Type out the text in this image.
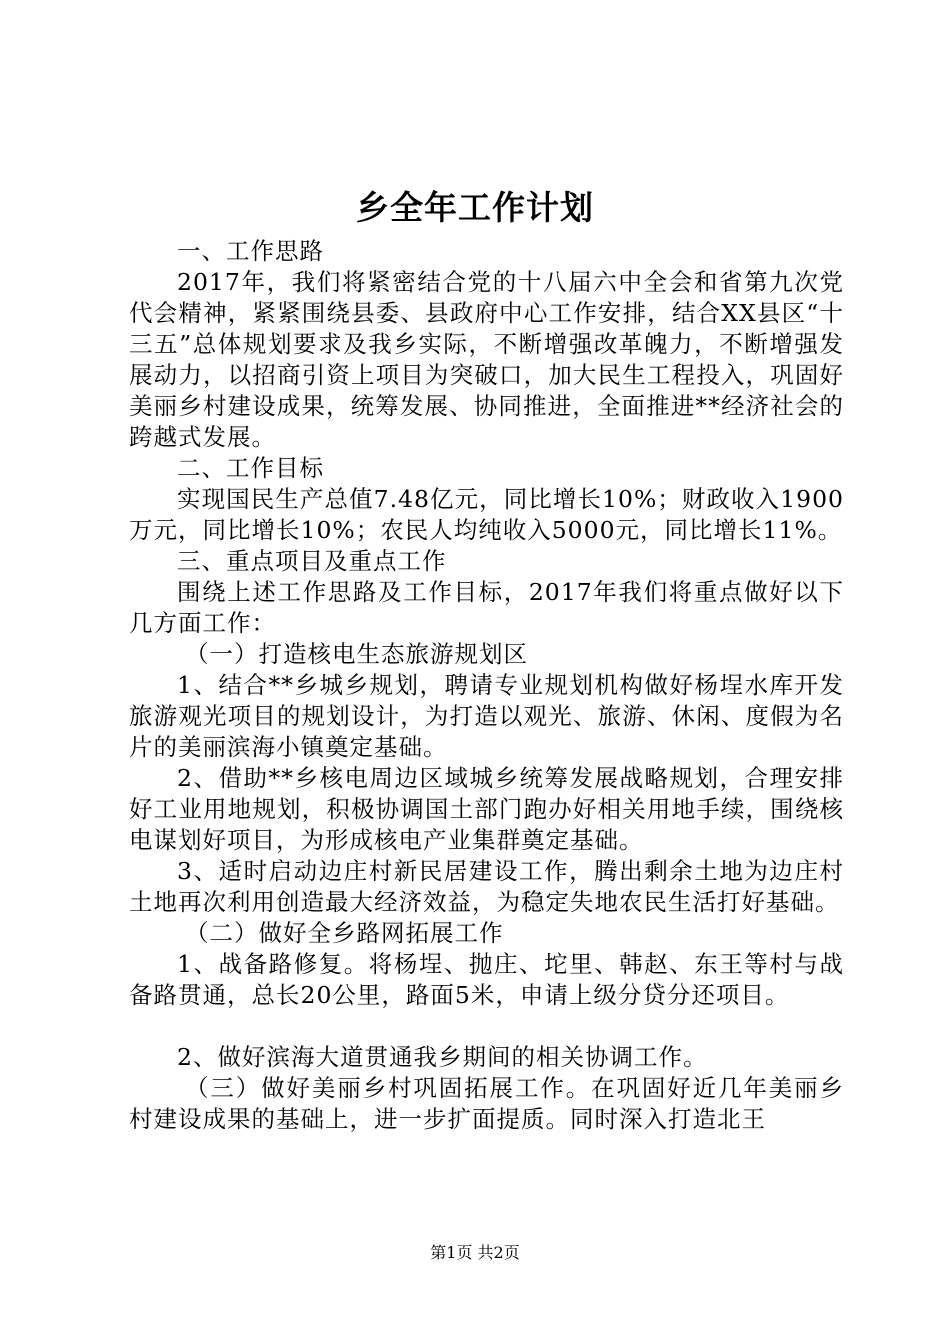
乡全年工作计划

一、工作思路

2017年，我们将紧密结合党的十八届六中全会和省第九次党代会精神，紧紧围绕县委、县政府中心工作安排，结合XX县区“十三五”总体规划要求及我乡实际，不断增强改革魄力，不断增强发展动力，以招商引资上项目为突破口，加大民生工程投入，巩固好美丽乡村建设成果，统筹发展、协同推进，全面推进**经济社会的跨越式发展。

二、工作目标

实现国民生产总值7.48亿元，同比增长10%；财政收入1900万元，同比增长10%；农民人均纯收入5000元，同比增长11%。

三、重点项目及重点工作

围绕上述工作思路及工作目标，2017年我们将重点做好以下几方面工作：

（一）打造核电生态旅游规划区

1、结合**乡城乡规划，聘请专业规划机构做好杨埕水库开发旅游观光项目的规划设计，为打造以观光、旅游、休闲、度假为名片的美丽滨海小镇奠定基础。

2、借助**乡核电周边区域城乡统筹发展战略规划，合理安排好工业用地规划，积极协调国土部门跑办好相关用地手续，围绕核电谋划好项目，为形成核电产业集群奠定基础。

3、适时启动边庄村新民居建设工作，腾出剩余土地为边庄村土地再次利用创造最大经济效益，为稳定失地农民生活打好基础。

（二）做好全乡路网拓展工作

1、战备路修复。将杨埕、抛庄、坨里、韩赵、东王等村与战备路贯通，总长20公里，路面5米，申请上级分贷分还项目。

2、做好滨海大道贯通我乡期间的相关协调工作。

（三）做好美丽乡村巩固拓展工作。在巩固好近几年美丽乡村建设成果的基础上，进一步扩面提质。同时深入打造北王

第1页 共2页
